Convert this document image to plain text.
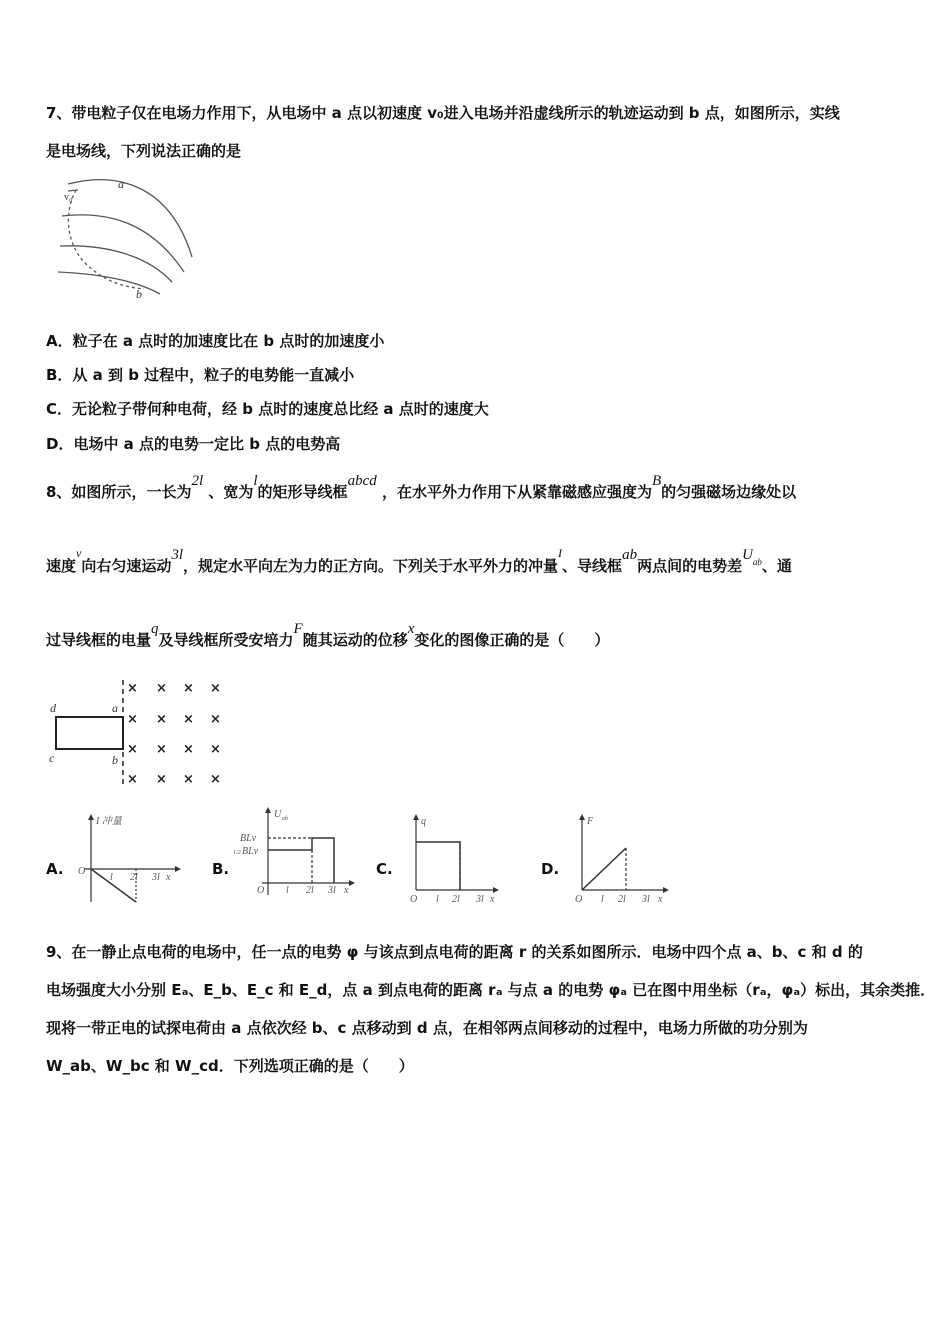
7、带电粒子仅在电场力作用下，从电场中 a 点以初速度 v₀进入电场并沿虚线所示的轨迹运动到 b 点，如图所示，实线
是电场线，下列说法正确的是
a
b
v₀
A．粒子在 a 点时的加速度比在 b 点时的加速度小
B．从 a 到 b 过程中，粒子的电势能一直减小
C．无论粒子带何种电荷，经 b 点时的速度总比经 a 点时的速度大
D．电场中 a 点的电势一定比 b 点的电势高
8、如图所示，一长为2l 、宽为l的矩形导线框abcd ，在水平外力作用下从紧靠磁感应强度为B的匀强磁场边缘处以
速度$^v$向右匀速运动3l，规定水平向左为力的正方向。下列关于水平外力的冲量$^I$、导线框ab两点间的电势差$U^{ab}$、通
过导线框的电量q及导线框所受安培力F随其运动的位移x变化的图像正确的是（　　）
× × × ×
× × × ×
× × × ×
× × × ×
d	a
c	b
A.
I 冲量
O
l 2l 3l x	B.
U ab
BLv
1/2 BLv
O l 2l 3l x
C.
q
O l 2l 3l x
D.
F
O l 2l 3l x
9、在一静止点电荷的电场中，任一点的电势 φ 与该点到点电荷的距离 r 的关系如图所示．电场中四个点 a、b、c 和 d 的
电场强度大小分别 Eₐ、E_b、E_c 和 E_d，点 a 到点电荷的距离 rₐ 与点 a 的电势 φₐ 已在图中用坐标（rₐ，φₐ）标出，其余类推．
现将一带正电的试探电荷由 a 点依次经 b、c 点移动到 d 点，在相邻两点间移动的过程中，电场力所做的功分别为
W_ab、W_bc 和 W_cd．下列选项正确的是（　　）
